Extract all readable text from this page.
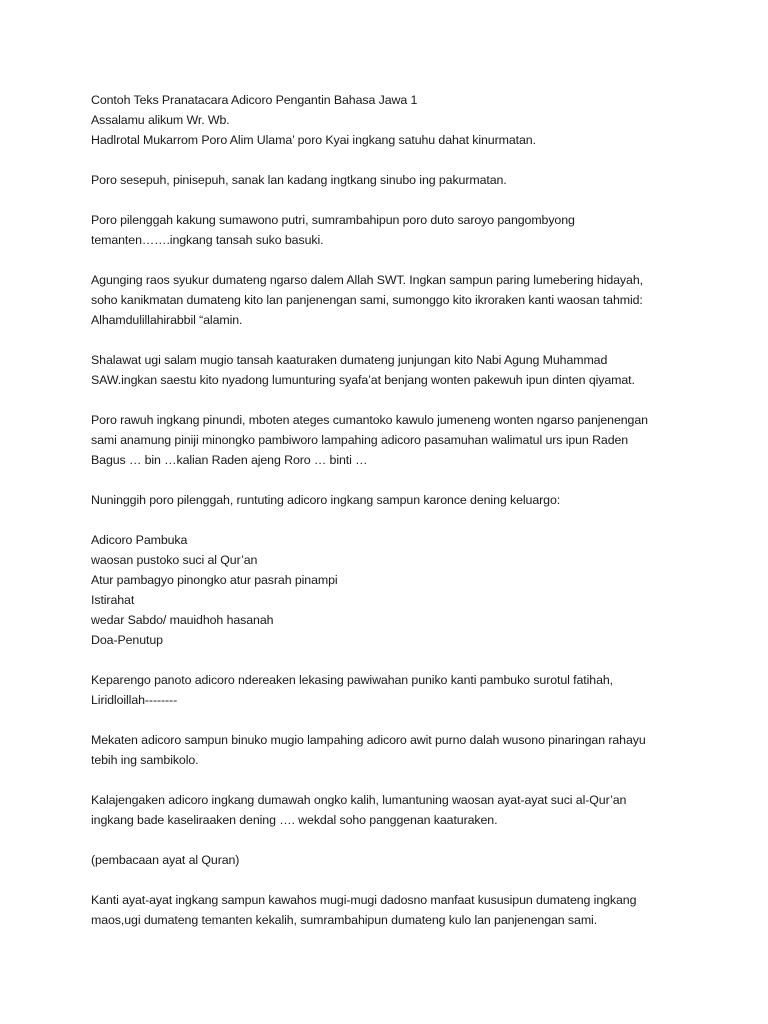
Contoh Teks Pranatacara Adicoro Pengantin Bahasa Jawa 1
Assalamu alikum Wr. Wb.
Hadlrotal Mukarrom Poro Alim Ulama’ poro Kyai ingkang satuhu dahat kinurmatan.
Poro sesepuh, pinisepuh, sanak lan kadang ingtkang sinubo ing pakurmatan.
Poro pilenggah kakung sumawono putri, sumrambahipun poro duto saroyo pangombyong
temanten…….ingkang tansah suko basuki.
Agunging raos syukur dumateng ngarso dalem Allah SWT. Ingkan sampun paring lumebering hidayah,
soho kanikmatan dumateng kito lan panjenengan sami, sumonggo kito ikroraken kanti waosan tahmid:
Alhamdulillahirabbil “alamin.
Shalawat ugi salam mugio tansah kaaturaken dumateng junjungan kito Nabi Agung Muhammad
SAW.ingkan saestu kito nyadong lumunturing syafa’at benjang wonten pakewuh ipun dinten qiyamat.
Poro rawuh ingkang pinundi, mboten ateges cumantoko kawulo jumeneng wonten ngarso panjenengan
sami anamung piniji minongko pambiworo lampahing adicoro pasamuhan walimatul urs ipun Raden
Bagus … bin …kalian Raden ajeng Roro … binti …
Nuninggih poro pilenggah, runtuting adicoro ingkang sampun karonce dening keluargo:
Adicoro Pambuka
waosan pustoko suci al Qur’an
Atur pambagyo pinongko atur pasrah pinampi
Istirahat
wedar Sabdo/ mauidhoh hasanah
Doa-Penutup
Keparengo panoto adicoro ndereaken lekasing pawiwahan puniko kanti pambuko surotul fatihah,
Liridloillah--------
Mekaten adicoro sampun binuko mugio lampahing adicoro awit purno dalah wusono pinaringan rahayu
tebih ing sambikolo.
Kalajengaken adicoro ingkang dumawah ongko kalih, lumantuning waosan ayat-ayat suci al-Qur’an
ingkang bade kaseliraaken dening …. wekdal soho panggenan kaaturaken.
(pembacaan ayat al Quran)
Kanti ayat-ayat ingkang sampun kawahos mugi-mugi dadosno manfaat kususipun dumateng ingkang
maos,ugi dumateng temanten kekalih, sumrambahipun dumateng kulo lan panjenengan sami.
